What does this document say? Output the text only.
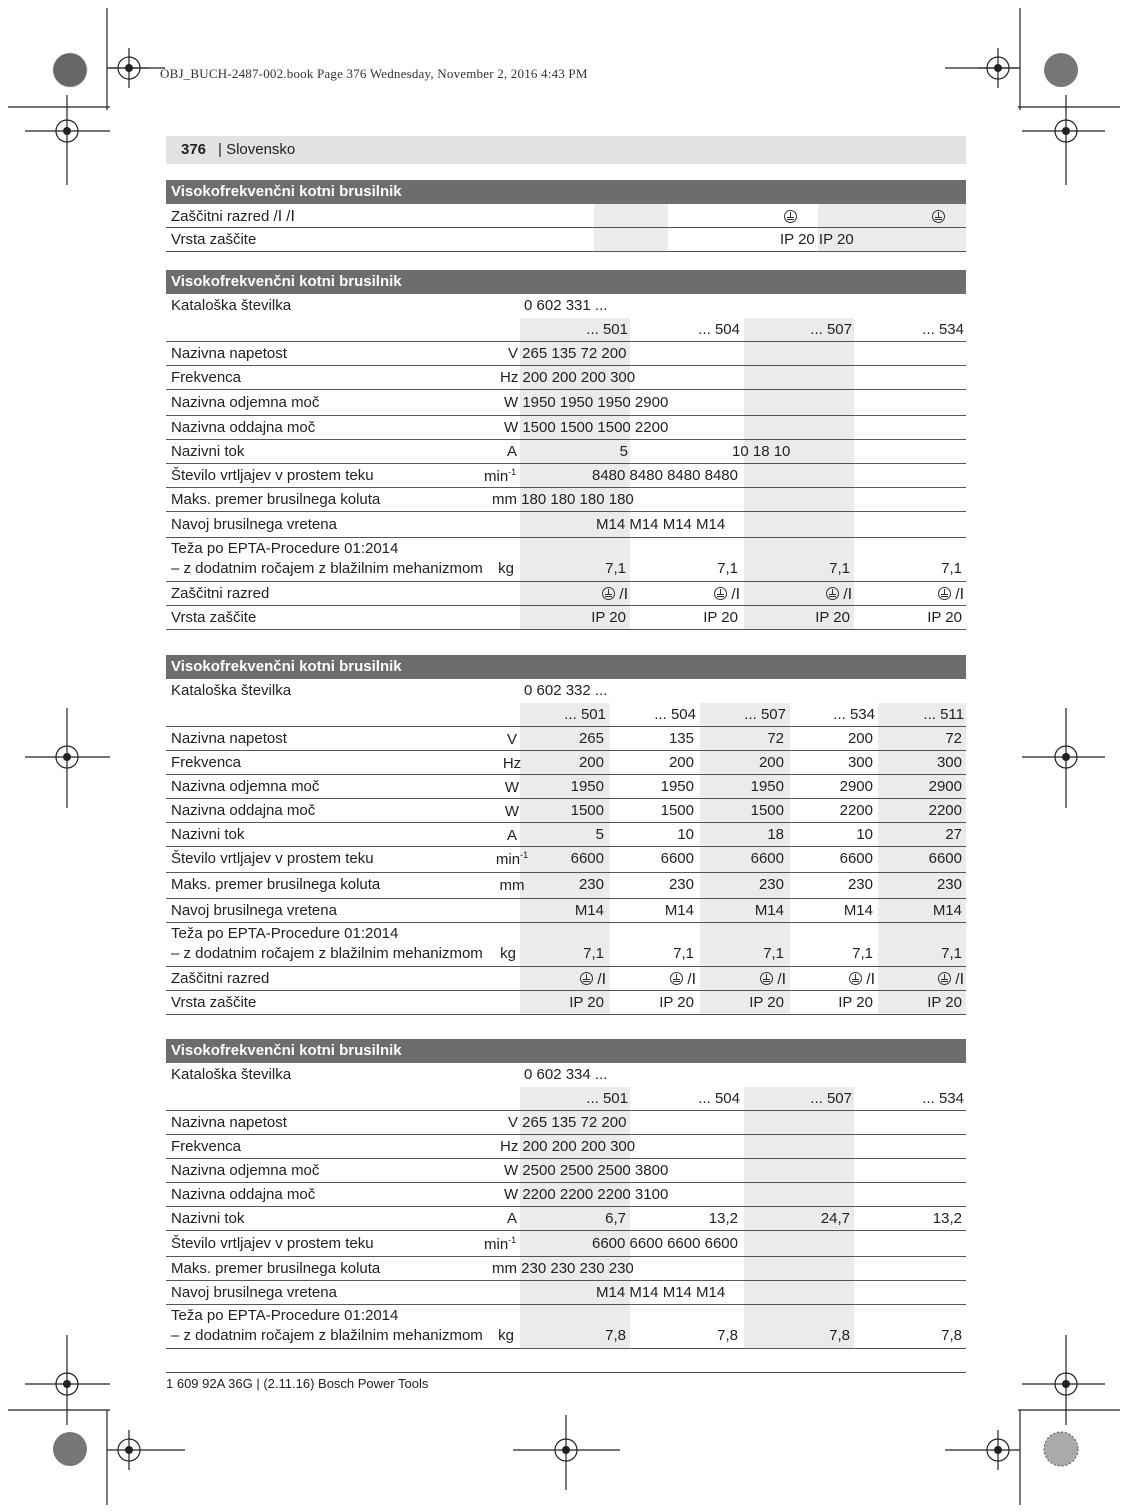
OBJ_BUCH-2487-002.book Page 376 Wednesday, November 2, 2016 4:43 PM
376 | Slovensko
Visokofrekvenčni kotni brusilnik
Zaščitni razred /Ⅰ /Ⅰ
Vrsta zaščite	IP 20 IP 20
Visokofrekvenčni kotni brusilnik
Kataloška številka	0 602 331 ...
... 501	... 504	... 507	... 534
Nazivna napetost	V 265 135 72 200
Frekvenca	Hz 200 200 200 300
Nazivna odjemna moč	W 1950 1950 1950 2900
Nazivna oddajna moč	W 1500 1500 1500 2200
Nazivni tok	A	5	10 18 10
Število vrtljajev v prostem teku	$\min^{-1}$	8480 8480 8480 8480
Maks. premer brusilnega koluta	mm 180 180 180 180
Navoj brusilnega vretena	M14 M14 M14 M14
Teža po EPTA-Procedure 01:2014
– z dodatnim ročajem z blažilnim mehanizmom	kg	7,1	7,1	7,1	7,1
Zaščitni razred	/Ⅰ	/Ⅰ	/Ⅰ	/Ⅰ
Vrsta zaščite	IP 20	IP 20	IP 20	IP 20
Visokofrekvenčni kotni brusilnik
Kataloška številka	0 602 332 ...
... 501	... 504	... 507	... 534	... 511
Nazivna napetost	V	265	135	72	200	72
Frekvenca	Hz	200	200	200	300	300
Nazivna odjemna moč	W	1950	1950	1950	2900	2900
Nazivna oddajna moč	W	1500	1500	1500	2200	2200
Nazivni tok	A	5	10	18	10	27
Število vrtljajev v prostem teku	$\min^{-1}$	6600	6600	6600	6600	6600
Maks. premer brusilnega koluta	mm	230	230	230	230	230
Navoj brusilnega vretena	M14	M14	M14	M14	M14
Teža po EPTA-Procedure 01:2014
– z dodatnim ročajem z blažilnim mehanizmom	kg	7,1	7,1	7,1	7,1	7,1
Zaščitni razred	/Ⅰ	/Ⅰ	/Ⅰ	/Ⅰ	/Ⅰ
Vrsta zaščite	IP 20	IP 20	IP 20	IP 20	IP 20
Visokofrekvenčni kotni brusilnik
Kataloška številka	0 602 334 ...
... 501	... 504	... 507	... 534
Nazivna napetost	V 265 135 72 200
Frekvenca	Hz 200 200 200 300
Nazivna odjemna moč	W 2500 2500 2500 3800
Nazivna oddajna moč	W 2200 2200 2200 3100
Nazivni tok	A	6,7	13,2	24,7	13,2
Število vrtljajev v prostem teku	$\min^{-1}$	6600 6600 6600 6600
Maks. premer brusilnega koluta	mm 230 230 230 230
Navoj brusilnega vretena	M14 M14 M14 M14
Teža po EPTA-Procedure 01:2014
– z dodatnim ročajem z blažilnim mehanizmom	kg	7,8	7,8	7,8	7,8
1 609 92A 36G | (2.11.16) Bosch Power Tools
